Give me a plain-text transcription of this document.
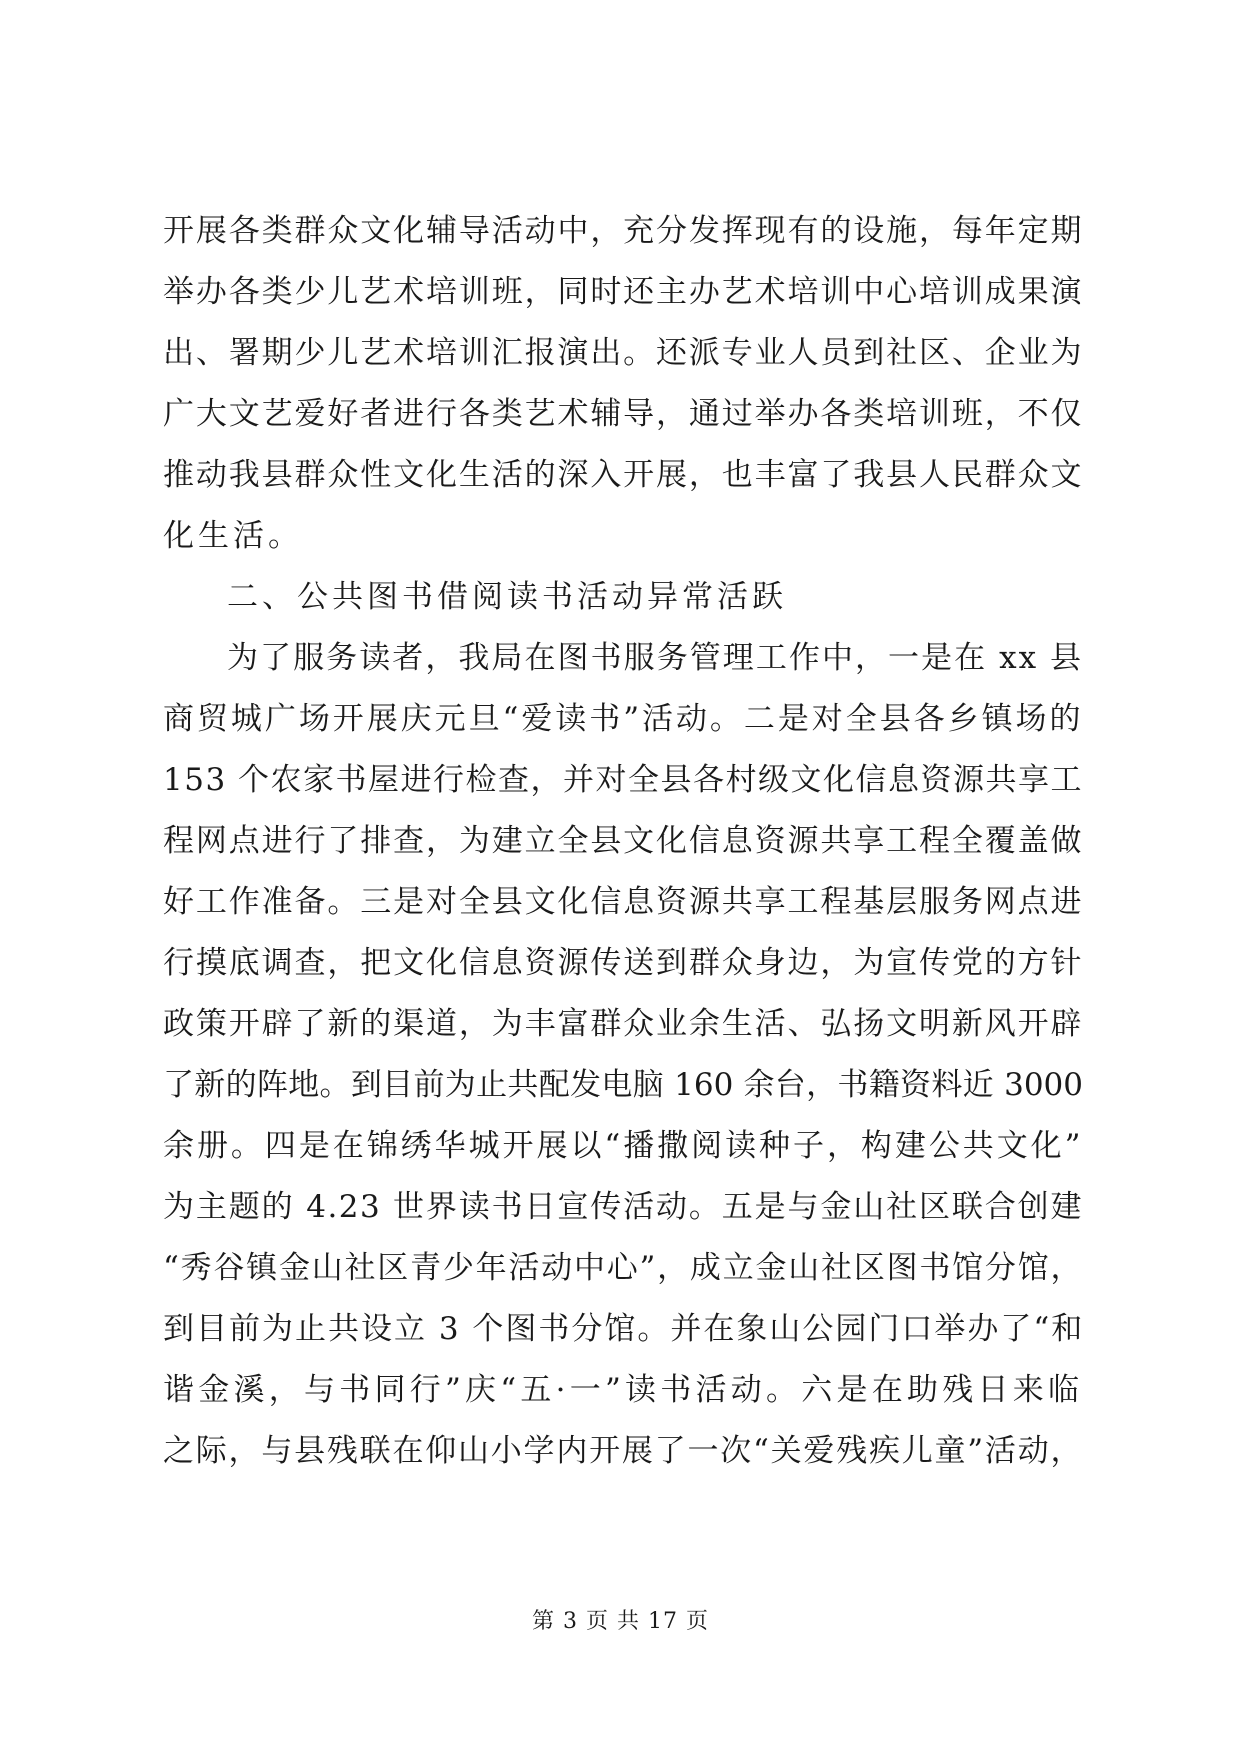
开展各类群众文化辅导活动中，充分发挥现有的设施，每年定期
举办各类少儿艺术培训班，同时还主办艺术培训中心培训成果演
出、署期少儿艺术培训汇报演出。还派专业人员到社区、企业为
广大文艺爱好者进行各类艺术辅导，通过举办各类培训班，不仅
推动我县群众性文化生活的深入开展，也丰富了我县人民群众文
化生活。
二、公共图书借阅读书活动异常活跃
为了服务读者，我局在图书服务管理工作中，一是在 xx 县
商贸城广场开展庆元旦“爱读书”活动。二是对全县各乡镇场的
153 个农家书屋进行检查，并对全县各村级文化信息资源共享工
程网点进行了排查，为建立全县文化信息资源共享工程全覆盖做
好工作准备。三是对全县文化信息资源共享工程基层服务网点进
行摸底调查，把文化信息资源传送到群众身边，为宣传党的方针
政策开辟了新的渠道，为丰富群众业余生活、弘扬文明新风开辟
了新的阵地。到目前为止共配发电脑 160 余台，书籍资料近 3000
余册。四是在锦绣华城开展以“播撒阅读种子，构建公共文化”
为主题的 4.23 世界读书日宣传活动。五是与金山社区联合创建
“秀谷镇金山社区青少年活动中心”，成立金山社区图书馆分馆，
到目前为止共设立 3 个图书分馆。并在象山公园门口举办了“和
谐金溪，与书同行”庆“五·一”读书活动。六是在助残日来临
之际，与县残联在仰山小学内开展了一次“关爱残疾儿童”活动，
第 3 页 共 17 页
